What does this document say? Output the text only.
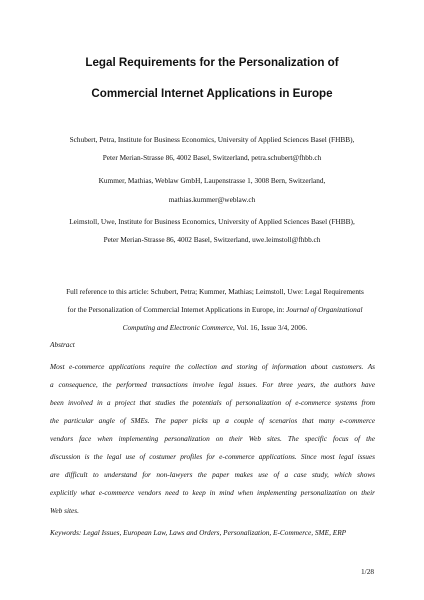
Legal Requirements for the Personalization of
Commercial Internet Applications in Europe
Schubert, Petra, Institute for Business Economics, University of Applied Sciences Basel (FHBB),
Peter Merian-Strasse 86, 4002 Basel, Switzerland, petra.schubert@fhbb.ch
Kummer, Mathias, Weblaw GmbH, Laupenstrasse 1, 3008 Bern, Switzerland,
mathias.kummer@weblaw.ch
Leimstoll, Uwe, Institute for Business Economics, University of Applied Sciences Basel (FHBB),
Peter Merian-Strasse 86, 4002 Basel, Switzerland, uwe.leimstoll@fhbb.ch
Full reference to this article: Schubert, Petra; Kummer, Mathias; Leimstoll, Uwe: Legal Requirements
for the Personalization of Commercial Internet Applications in Europe, in: Journal of Organizational
Computing and Electronic Commerce, Vol. 16, Issue 3/4, 2006.
Abstract
Most e-commerce applications require the collection and storing of information about customers. As
a consequence, the performed transactions involve legal issues. For three years, the authors have
been involved in a project that studies the potentials of personalization of e-commerce systems from
the particular angle of SMEs. The paper picks up a couple of scenarios that many e-commerce
vendors face when implementing personalization on their Web sites. The specific focus of the
discussion is the legal use of costumer profiles for e-commerce applications. Since most legal issues
are difficult to understand for non-lawyers the paper makes use of a case study, which shows
explicitly what e-commerce vendors need to keep in mind when implementing personalization on their
Web sites.
Keywords: Legal Issues, European Law, Laws and Orders, Personalization, E-Commerce, SME, ERP
1/28
